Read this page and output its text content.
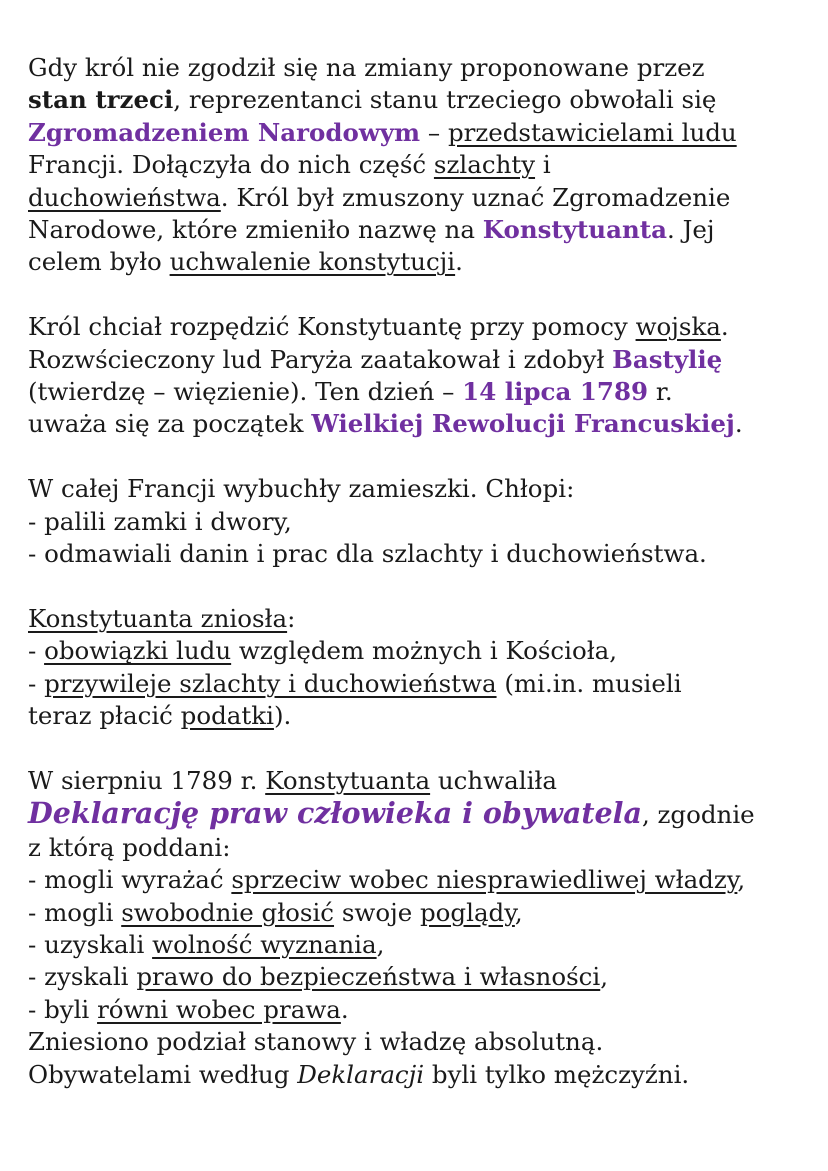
Gdy król nie zgodził się na zmiany proponowane przez
stan trzeci, reprezentanci stanu trzeciego obwołali się
Zgromadzeniem Narodowym – przedstawicielami ludu
Francji. Dołączyła do nich część szlachty i
duchowieństwa. Król był zmuszony uznać Zgromadzenie
Narodowe, które zmieniło nazwę na Konstytuanta. Jej
celem było uchwalenie konstytucji.
Król chciał rozpędzić Konstytuantę przy pomocy wojska.
Rozwścieczony lud Paryża zaatakował i zdobył Bastylię
(twierdzę – więzienie). Ten dzień – 14 lipca 1789 r.
uważa się za początek Wielkiej Rewolucji Francuskiej.
W całej Francji wybuchły zamieszki. Chłopi:
- palili zamki i dwory,
- odmawiali danin i prac dla szlachty i duchowieństwa.
Konstytuanta zniosła:
- obowiązki ludu względem możnych i Kościoła,
- przywileje szlachty i duchowieństwa (mi.in. musieli
teraz płacić podatki).
W sierpniu 1789 r. Konstytuanta uchwaliła
Deklarację praw człowieka i obywatela, zgodnie
z którą poddani:
- mogli wyrażać sprzeciw wobec niesprawiedliwej władzy,
- mogli swobodnie głosić swoje poglądy,
- uzyskali wolność wyznania,
- zyskali prawo do bezpieczeństwa i własności,
- byli równi wobec prawa.
Zniesiono podział stanowy i władzę absolutną.
Obywatelami według Deklaracji byli tylko mężczyźni.
